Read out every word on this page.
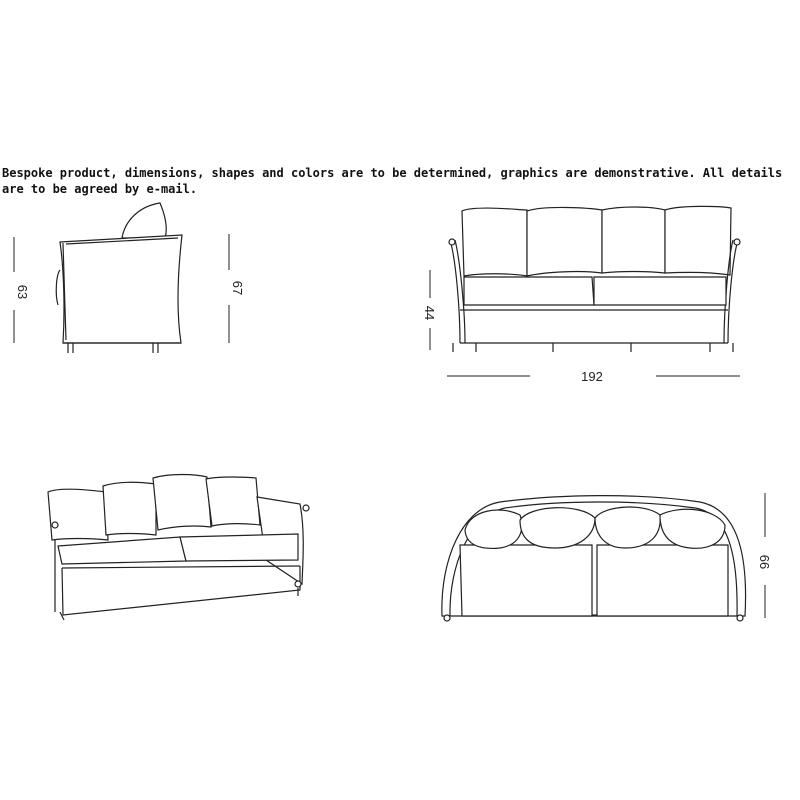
Bespoke product, dimensions, shapes and colors are to be determined, graphics are demonstrative. All details are to be agreed by e-mail.

63	67
44
192
66
